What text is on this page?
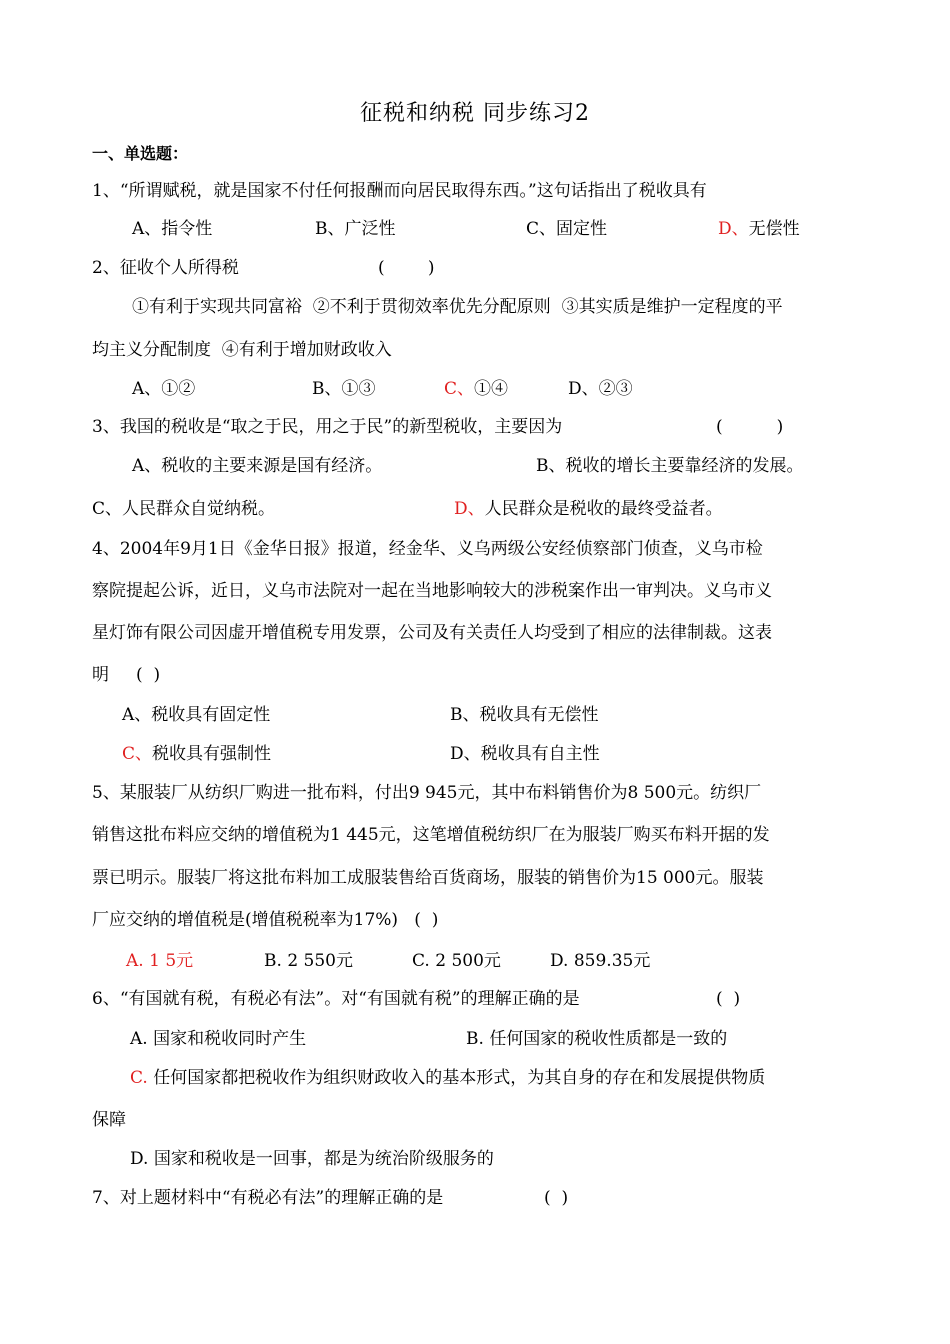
征税和纳税 同步练习2
一、单选题：
1、“所谓赋税，就是国家不付任何报酬而向居民取得东西。”这句话指出了税收具有
A、指令性	B、广泛性	C、固定性	D、无偿性
2、征收个人所得税	(        )
①有利于实现共同富裕  ②不利于贯彻效率优先分配原则  ③其实质是维护一定程度的平
均主义分配制度  ④有利于增加财政收入
A、①②	B、①③	C、①④	D、②③
3、我国的税收是“取之于民，用之于民”的新型税收，主要因为	(          )
A、税收的主要来源是国有经济。	B、税收的增长主要靠经济的发展。
C、人民群众自觉纳税。	D、人民群众是税收的最终受益者。
4、2004年9月1日《金华日报》报道，经金华、义乌两级公安经侦察部门侦查，义乌市检
察院提起公诉，近日，义乌市法院对一起在当地影响较大的涉税案作出一审判决。义乌市义
星灯饰有限公司因虚开增值税专用发票，公司及有关责任人均受到了相应的法律制裁。这表
明     (  )
A、税收具有固定性	B、税收具有无偿性
C、税收具有强制性	D、税收具有自主性
5、某服装厂从纺织厂购进一批布料，付出9 945元，其中布料销售价为8 500元。纺织厂
销售这批布料应交纳的增值税为1 445元，这笔增值税纺织厂在为服装厂购买布料开据的发
票已明示。服装厂将这批布料加工成服装售给百货商场，服装的销售价为15 000元。服装
厂应交纳的增值税是(增值税税率为17%)   (  )
A. 1 5元	B. 2 550元	C. 2 500元	D. 859.35元
6、“有国就有税，有税必有法”。对“有国就有税”的理解正确的是	(  )
A. 国家和税收同时产生	B. 任何国家的税收性质都是一致的
C. 任何国家都把税收作为组织财政收入的基本形式，为其自身的存在和发展提供物质
保障
D. 国家和税收是一回事，都是为统治阶级服务的
7、对上题材料中“有税必有法”的理解正确的是	(  )
